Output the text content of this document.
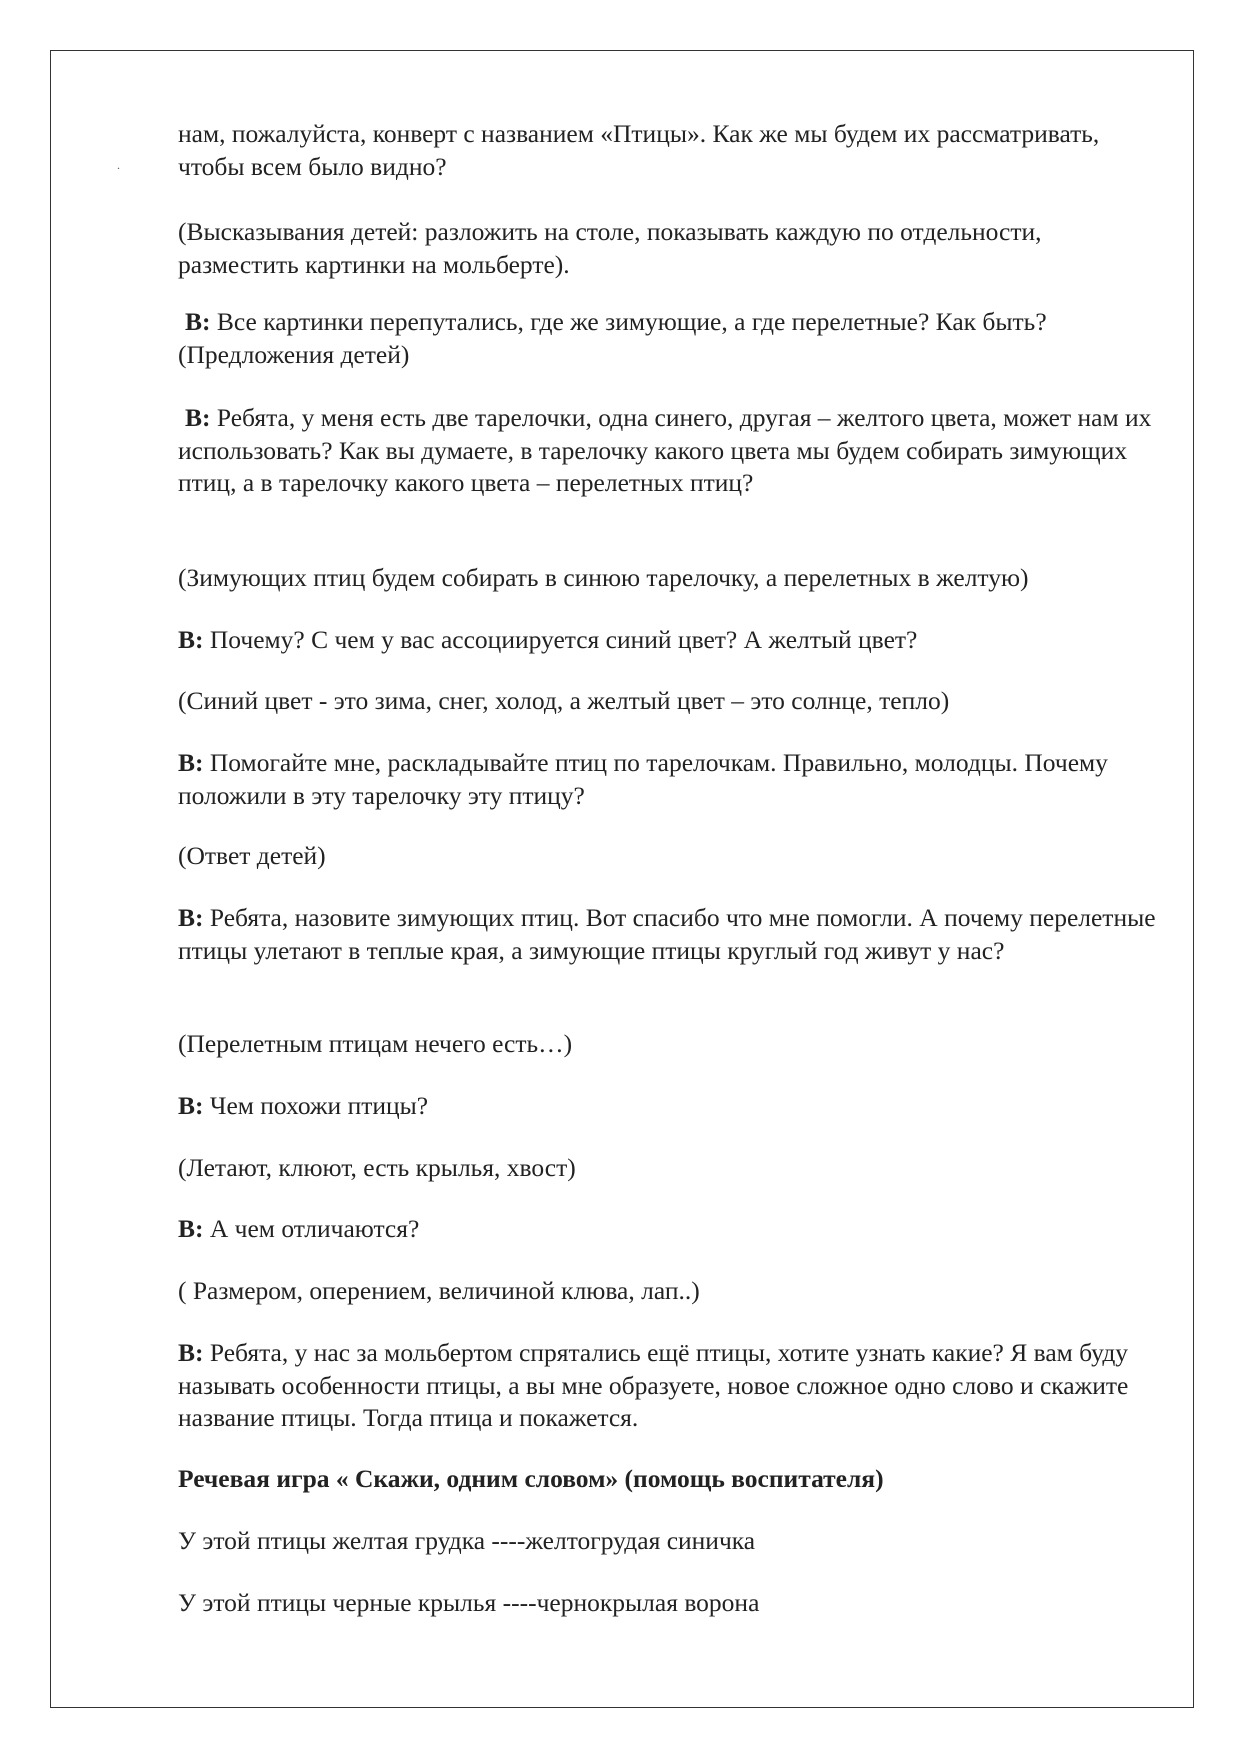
.

нам, пожалуйста, конверт с названием «Птицы». Как же мы будем их рассматривать, чтобы всем было видно?

(Высказывания детей: разложить на столе, показывать каждую по отдельности, разместить картинки на мольберте).

В: Все картинки перепутались, где же зимующие, а где перелетные? Как быть?
(Предложения детей)

В: Ребята, у меня есть две тарелочки, одна синего, другая – желтого цвета, может нам их использовать? Как вы думаете, в тарелочку какого цвета мы будем собирать зимующих птиц, а в тарелочку какого цвета – перелетных птиц?

(Зимующих птиц будем собирать в синюю тарелочку, а перелетных в желтую)

В: Почему? С чем у вас ассоциируется синий цвет? А желтый цвет?

(Синий цвет - это зима, снег, холод, а желтый цвет – это солнце, тепло)

В: Помогайте мне, раскладывайте птиц по тарелочкам. Правильно, молодцы. Почему положили в эту тарелочку эту птицу?

(Ответ детей)

В: Ребята, назовите зимующих птиц. Вот спасибо что мне помогли. А почему перелетные птицы улетают в теплые края, а зимующие птицы круглый год живут у нас?

(Перелетным птицам нечего есть…)

В: Чем похожи птицы?

(Летают, клюют, есть крылья, хвост)

В: А чем отличаются?

( Размером, оперением, величиной клюва, лап..)

В: Ребята, у нас за мольбертом спрятались ещё птицы, хотите узнать какие? Я вам буду называть особенности птицы, а вы мне образуете, новое сложное одно слово и скажите название птицы. Тогда птица и покажется.

Речевая игра « Скажи, одним словом» (помощь воспитателя)

У этой птицы желтая грудка ----желтогрудая синичка

У этой птицы черные крылья ----чернокрылая ворона
